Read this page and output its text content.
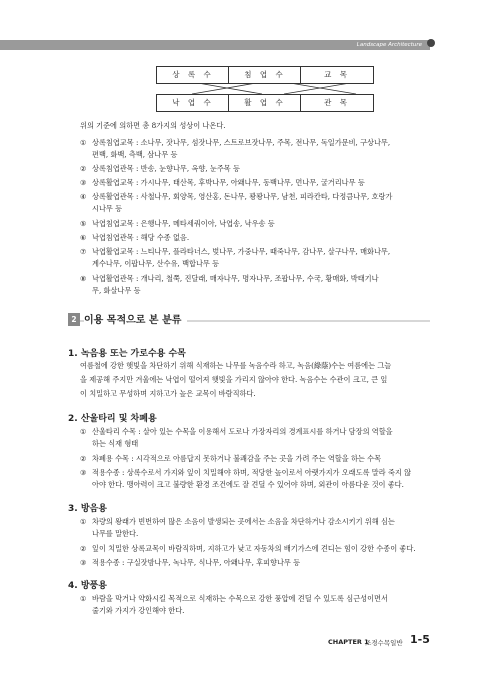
Landscape Architecture
상 록 수	침 엽 수	교 목
낙 엽 수	활 엽 수	관 목
위의 기준에 의하면 총 8가지의 성상이 나온다.
① 상록침엽교목 : 소나무, 잣나무, 섬잣나무, 스트로브잣나무, 주목, 전나무, 독일가문비, 구상나무,
편백, 화백, 측백, 삼나무 등
② 상록침엽관목 : 반송, 눈향나무, 옥향, 눈주목 등
③ 상록활엽교목 : 가시나무, 태산목, 후박나무, 아왜나무, 동백나무, 먼나무, 굴거리나무 등
④ 상록활엽관목 : 사철나무, 회양목, 영산홍, 돈나무, 꽝꽝나무, 남천, 피라칸타, 다정큼나무, 호랑가
시나무 등
⑤ 낙엽침엽교목 : 은행나무, 메타세쿼이아, 낙엽송, 낙우송 등
2 이용 목적으로 본 분류
⑥ 낙엽침엽관목 : 해당 수종 없음.
⑦ 낙엽활엽교목 : 느티나무, 플라타너스, 벚나무, 가중나무, 때죽나무, 감나무, 살구나무, 매화나무,
계수나무, 이팝나무, 산수유, 백합나무 등
⑧ 낙엽활엽관목 : 개나리, 철쭉, 진달래, 매자나무, 명자나무, 조팝나무, 수국, 황매화, 박태기나
무, 화살나무 등
1. 녹음용 또는 가로수용 수목
여름철에 강한 햇빛을 차단하기 위해 식재하는 나무를 녹음수라 하고, 녹음(綠蔭)수는 여름에는 그늘
을 제공해 주지만 겨울에는 낙엽이 떨어져 햇빛을 가리지 않아야 한다. 녹음수는 수관이 크고, 큰 잎
이 치밀하고 무성하며 지하고가 높은 교목이 바람직하다.
2. 산울타리 및 차폐용
① 산울타리 수목 : 살아 있는 수목을 이용해서 도로나 가장자리의 경계표시를 하거나 담장의 역할을
하는 식재 형태
② 차폐용 수목 : 시각적으로 아름답지 못하거나 불쾌감을 주는 곳을 가려 주는 역할을 하는 수목
③ 적용수종 : 상록수로서 가지와 잎이 치밀해야 하며, 적당한 높이로서 아랫가지가 오래도록 말라 죽지 않
아야 한다. 맹아력이 크고 불량한 환경 조건에도 잘 견딜 수 있어야 하며, 외관이 아름다운 것이 좋다.
3. 방음용
① 차량의 왕래가 빈번하여 많은 소음이 발생되는 곳에서는 소음을 차단하거나 감소시키기 위해 심는
나무를 말한다.
② 잎이 치밀한 상록교목이 바람직하며, 지하고가 낮고 자동차의 배기가스에 견디는 힘이 강한 수종이 좋다.
③ 적용수종 : 구실잣밤나무, 녹나무, 식나무, 아왜나무, 후피향나무 등
4. 방풍용
① 바람을 막거나 약화시킬 목적으로 식재하는 수목으로 강한 풍압에 견딜 수 있도록 심근성이면서
줄기와 가지가 강인해야 한다.
CHAPTER 1
조경수목일반 1-5
